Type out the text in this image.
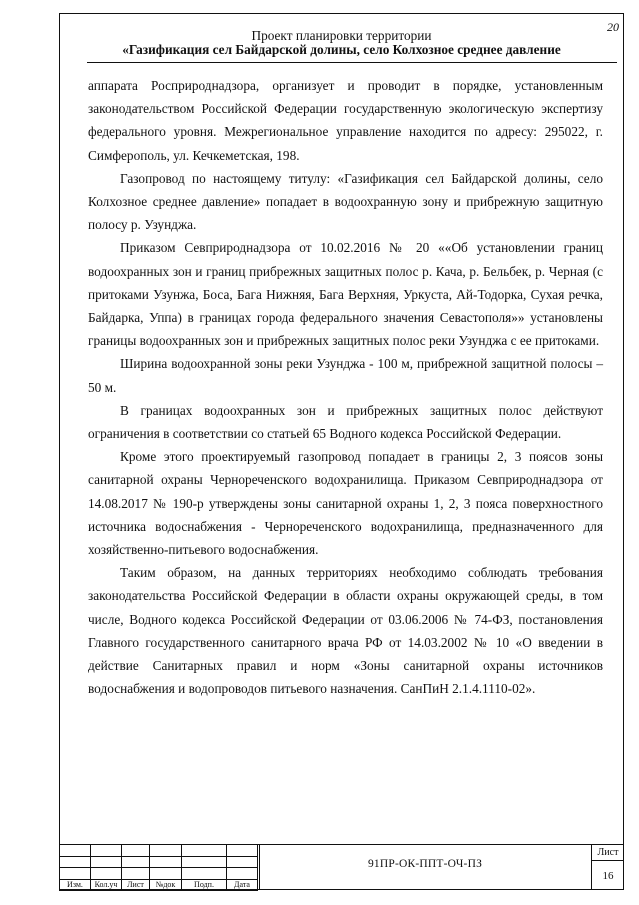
20
Проект планировки территории
«Газификация сел Байдарской долины, село Колхозное среднее давление

аппарата Росприроднадзора, организует и проводит в порядке, установленным законодательством Российской Федерации государственную экологическую экспертизу федерального уровня. Межрегиональное управление находится по адресу: 295022, г. Симферополь, ул. Кечкеметская, 198.

Газопровод по настоящему титулу: «Газификация сел Байдарской долины, село Колхозное среднее давление» попадает в водоохранную зону и прибрежную защитную полосу р. Узунджа.

Приказом Севприроднадзора от 10.02.2016 № 20 ««Об установлении границ водоохранных зон и границ прибрежных защитных полос р. Кача, р. Бельбек, р. Черная (с притоками Узунжа, Боса, Бага Нижняя, Бага Верхняя, Уркуста, Ай-Тодорка, Сухая речка, Байдарка, Уппа) в границах города федерального значения Севастополя»» установлены границы водоохранных зон и прибрежных защитных полос реки Узунджа с ее притоками.

Ширина водоохранной зоны реки Узунджа - 100 м, прибрежной защитной полосы – 50 м.

В границах водоохранных зон и прибрежных защитных полос действуют ограничения в соответствии со статьей 65 Водного кодекса Российской Федерации.

Кроме этого проектируемый газопровод попадает в границы 2, 3 поясов зоны санитарной охраны Чернореченского водохранилища. Приказом Севприроднадзора от 14.08.2017 № 190-р утверждены зоны санитарной охраны 1, 2, 3 пояса поверхностного источника водоснабжения - Чернореченского водохранилища, предназначенного для хозяйственно-питьевого водоснабжения.

Таким образом, на данных территориях необходимо соблюдать требования законодательства Российской Федерации в области охраны окружающей среды, в том числе, Водного кодекса Российской Федерации от 03.06.2006 № 74-ФЗ, постановления Главного государственного санитарного врача РФ от 14.03.2002 № 10 «О введении в действие Санитарных правил и норм «Зоны санитарной охраны источников водоснабжения и водопроводов питьевого назначения. СанПиН 2.1.4.1110-02».

Изм.	Кол.уч	Лист	№док	Подп.	Дата
91ПР-ОК-ППТ-ОЧ-ПЗ
Лист
16
